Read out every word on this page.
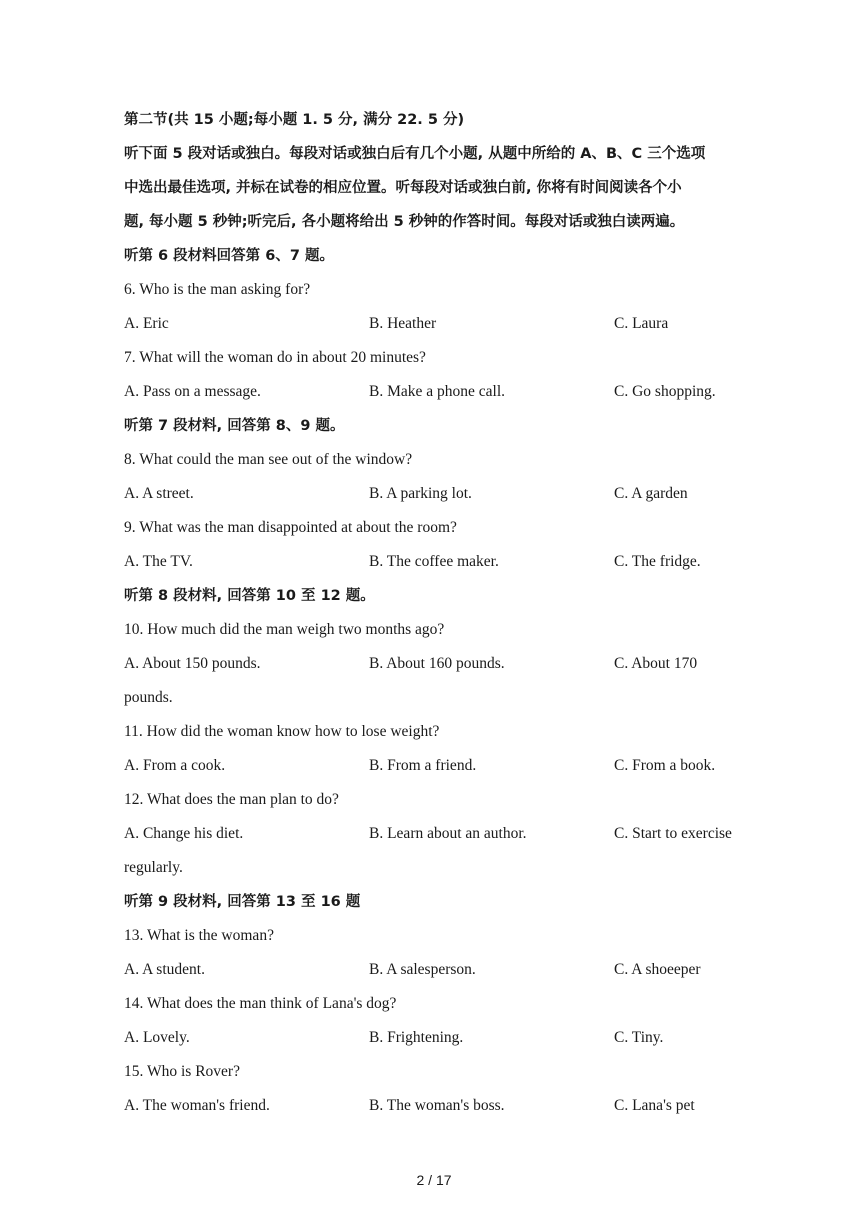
第二节(共 15 小题;每小题 1. 5 分, 满分 22. 5 分)
听下面 5 段对话或独白。每段对话或独白后有几个小题, 从题中所给的 A、B、C 三个选项
中选出最佳选项, 并标在试卷的相应位置。听每段对话或独白前, 你将有时间阅读各个小
题, 每小题 5 秒钟;听完后, 各小题将给出 5 秒钟的作答时间。每段对话或独白读两遍。
听第 6 段材料回答第 6、7 题。
6. Who is the man asking for?
A. Eric	B. Heather	C. Laura
7. What will the woman do in about 20 minutes?
A. Pass on a message.	B. Make a phone call.	C. Go shopping.
听第 7 段材料, 回答第 8、9 题。
8. What could the man see out of the window?
A. A street.	B. A parking lot.	C. A garden
9. What was the man disappointed at about the room?
A. The TV.	B. The coffee maker.	C. The fridge.
听第 8 段材料, 回答第 10 至 12 题。
10. How much did the man weigh two months ago?
A. About 150 pounds.	B. About 160 pounds.	C. About 170
pounds.
11. How did the woman know how to lose weight?
A. From a cook.	B. From a friend.	C. From a book.
12. What does the man plan to do?
A. Change his diet.	B. Learn about an author.	C. Start to exercise
regularly.
听第 9 段材料, 回答第 13 至 16 题
13. What is the woman?
A. A student.	B. A salesperson.	C. A shoeeper
14. What does the man think of Lana's dog?
A. Lovely.	B. Frightening.	C. Tiny.
15. Who is Rover?
A. The woman's friend.	B. The woman's boss.	C. Lana's pet
2 / 17
